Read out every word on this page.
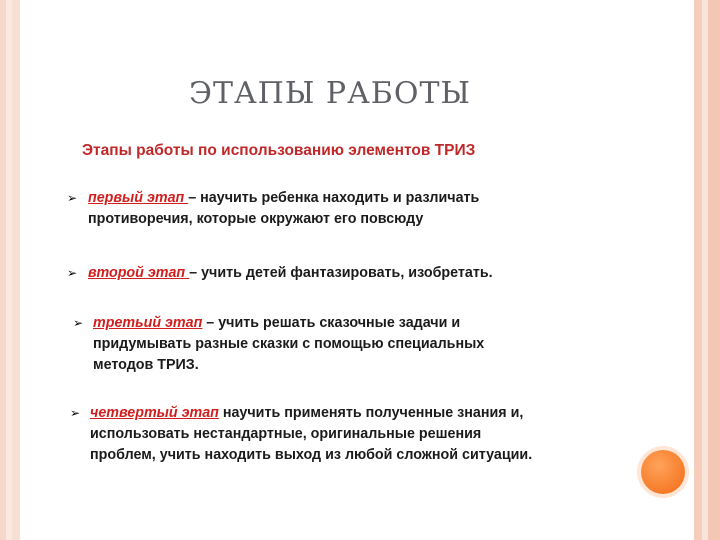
ЭТАПЫ РАБОТЫ
Этапы работы по использованию элементов ТРИЗ
➢ первый этап – научить ребенка находить и различать
противоречия, которые окружают его повсюду
➢ второй этап – учить детей фантазировать, изобретать.
➢ третьий этап – учить решать сказочные задачи и
придумывать разные сказки с помощью специальных
методов ТРИЗ.
➢ четвертый этап научить применять полученные знания и,
использовать нестандартные, оригинальные решения
проблем, учить находить выход из любой сложной ситуации.
